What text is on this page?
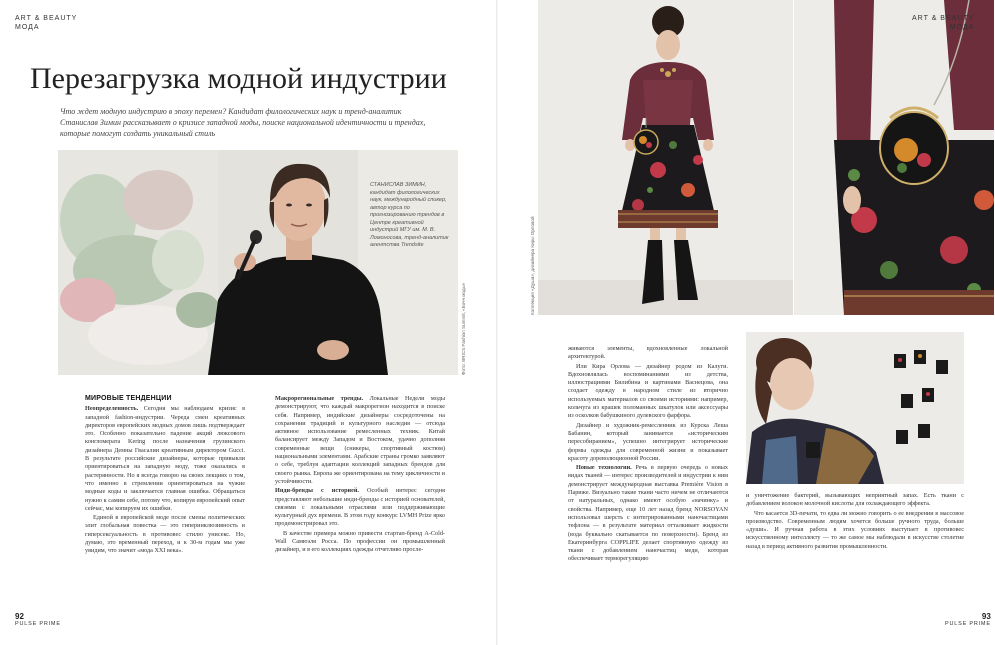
ART & BEAUTY
МОДА
Перезагрузка модной индустрии
Что ждет модную индустрию в эпоху перемен? Кандидат филологических наук и тренд-аналитик Станислав Зимин рассказывает о кризисе западной моды, поиске национальной идентичности и трендах, которые помогут создать уникальный стиль
СТАНИСЛАВ ЗИМИН, кандидат филологических наук, международный спикер, автор курса по прогнозированию трендов в Центре креативной индустрий МГУ им. М. В. Ломоносова, тренд-аналитик агентства Trendsite
Фото: BRICS Fashion Summit, «Бочч моды»
МИРОВЫЕ ТЕНДЕНЦИИ

Неопределенность. Сегодня мы наблюдаем кризис в западной fashion-индустрии. Череда смен креативных директоров европейских модных домов лишь подтверждает это. Особенно показательно падение акций люксового конгломерата Kering после назначения грузинского дизайнера Демны Гвасалии креативным директором Gucci. В результате российские дизайнеры, которые привыкли ориентироваться на западную моду, тоже оказались в растерянности. Но я всегда говорю на своих лекциях о том, что именно в стремлении ориентироваться на чужие модные коды и заключается главная ошибка. Обращаться нужно к самим себе, потому что, копируя европейский опыт сейчас, мы копируем их ошибки.

Единой в европейской моде после смены политических элит глобальная повестка — это гиперинклюзивность и гиперсексуальность в противовес стилю унисекс. Но, думаю, это временный переход, и к 30-м годам мы уже увидим, что значит «мода XXI века».

Макрорегиональные тренды. Локальные Недели моды демонстрируют, что каждый макрорегион находится в поиске себя. Например, индийские дизайнеры сосредоточены на сохранении традиций и культурного наследия — отсюда активное использование ремесленных техник. Китай балансирует между Западом и Востоком, удачно дополняя современные вещи (сникеры, спортивный костюм) национальными элементами. Арабские страны громко заявляют о себе, треблуя адаптации коллекций западных брендов для своего рынка. Европа же ориентирована на тему цикличности и устойчивости.

Инди-бренды с историей. Особый интерес сегодня представляют небольшие инди-бренды с историей основателей, связями с локальными отраслями или поддерживающие культурный дух времени. В этом году конкурс LVMH Prize ярко продемонстрировал это.

В качестве примера можно привести стартап-бренд A-Cold-Wall Самюэля Росса. По профессии он промышленный дизайнер, и в его коллекциях одежды отчетливо просле-

92
PULSE PRIME
ART & BEAUTY
МОДА
Коллекция «Душа», дизайнера Киры Орловой

живаются элементы, вдохновленные локальной архитектурой.

Или Кира Орлова — дизайнер родом из Калуги. Вдохновлялась воспоминаниями из детства, иллюстрациями Билибина и картинами Васнецова, она создает одежду в народном стиле из вторично используемых материалов со своими историями: например, кольчуга из крашек поломанных шкатулок или аксессуары из осколков бабушкиного дулевского фарфора.

Дизайнер и художник-ремесленник из Курска Леша Бабанин, который занимается «историческим пересобиранием», успешно интегрирует исторические формы одежды для современной жизни и показывает красоту дореволюционной России.

Новые технологии. Речь в первую очередь о новых видах тканей — интерес производителей и индустрии к ним демонстрирует международная выставка Première Vision в Париже. Визуально такие ткани часто ничем не отличаются от натуральных, однако имеют особую «начинку» и свойства. Например, еще 10 лет назад бренд NORSOYAN использовал шерсть с интегрированными наночастицами тефлона — в результате материал отталкивает жидкости (вода буквально скатывается по поверхности). Бренд из Екатеринбурга COPPLIFE делает спортивную одежду из ткани с добавлением наночастиц меди, которая обеспечивает терморегуляцию

и уничтожение бактерий, вызывающих неприятный запах. Есть ткани с добавлением волокон молочной кислоты для охлаждающего эффекта.

Что касается 3D-печати, то едва ли можно говорить о ее внедрении в массовое производство. Современным людям хочется больше ручного труда, больше «души». И ручная работа в этих условиях выступает в противовес искусственному интеллекту — то же самое мы наблюдали в искусстве столетие назад в период активного развития промышленности.

93
PULSE PRIME
